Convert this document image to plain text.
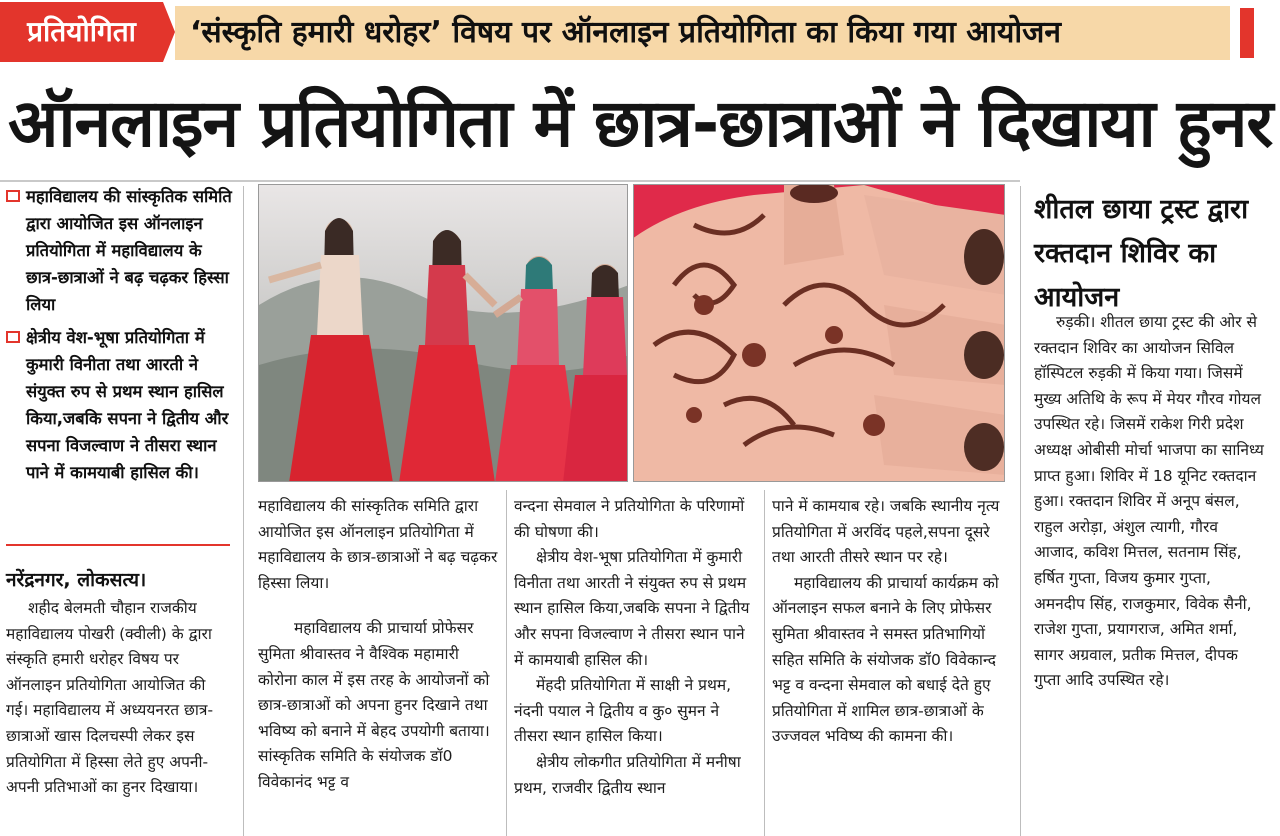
प्रतियोगिता	‘संस्कृति हमारी धरोहर’ विषय पर ऑनलाइन प्रतियोगिता का किया गया आयोजन
ऑनलाइन प्रतियोगिता में छात्र-छात्राओं ने दिखाया हुनर
महाविद्यालय की सांस्कृतिक समिति द्वारा आयोजित इस ऑनलाइन प्रतियोगिता में महाविद्यालय के छात्र-छात्राओं ने बढ़ चढ़कर हिस्सा लिया
क्षेत्रीय वेश-भूषा प्रतियोगिता में कुमारी विनीता तथा आरती ने संयुक्त रुप से प्रथम स्थान हासिल किया,जबकि सपना ने द्वितीय और सपना विजल्वाण ने तीसरा स्थान पाने में कामयाबी हासिल की।
नरेंद्रनगर, लोकसत्य।

शहीद बेलमती चौहान राजकीय महाविद्यालय पोखरी (क्वीली) के द्वारा संस्कृति हमारी धरोहर विषय पर ऑनलाइन प्रतियोगिता आयोजित की गई। महाविद्यालय में अध्ययनरत छात्र-छात्राओं खास दिलचस्पी लेकर इस प्रतियोगिता में हिस्सा लेते हुए अपनी-अपनी प्रतिभाओं का हुनर दिखाया।

महाविद्यालय की सांस्कृतिक समिति द्वारा आयोजित इस ऑनलाइन प्रतियोगिता में महाविद्यालय के छात्र-छात्राओं ने बढ़ चढ़कर हिस्सा लिया।

महाविद्यालय की प्राचार्या प्रोफेसर सुमिता श्रीवास्तव ने वैश्विक महामारी कोरोना काल में इस तरह के आयोजनों को छात्र-छात्राओं को अपना हुनर दिखाने तथा भविष्य को बनाने में बेहद उपयोगी बताया। सांस्कृतिक समिति के संयोजक डॉ0 विवेकानंद भट्ट व

वन्दना सेमवाल ने प्रतियोगिता के परिणामों की घोषणा की।

क्षेत्रीय वेश-भूषा प्रतियोगिता में कुमारी विनीता तथा आरती ने संयुक्त रुप से प्रथम स्थान हासिल किया,जबकि सपना ने द्वितीय और सपना विजल्वाण ने तीसरा स्थान पाने में कामयाबी हासिल की।

मेंहदी प्रतियोगिता में साक्षी ने प्रथम, नंदनी पयाल ने द्वितीय व कु० सुमन ने तीसरा स्थान हासिल किया।

क्षेत्रीय लोकगीत प्रतियोगिता में मनीषा प्रथम, राजवीर द्वितीय स्थान

पाने में कामयाब रहे। जबकि स्थानीय नृत्य प्रतियोगिता में अरविंद पहले,सपना दूसरे तथा आरती तीसरे स्थान पर रहे।

महाविद्यालय की प्राचार्या कार्यक्रम को ऑनलाइन सफल बनाने के लिए प्रोफेसर सुमिता श्रीवास्तव ने समस्त प्रतिभागियों सहित समिति के संयोजक डॉ0 विवेकान्द भट्ट व वन्दना सेमवाल को बधाई देते हुए प्रतियोगिता में शामिल छात्र-छात्राओं के उज्जवल भविष्य की कामना की।

शीतल छाया ट्रस्ट द्वारा रक्तदान शिविर का आयोजन

रुड़की। शीतल छाया ट्रस्ट की ओर से रक्तदान शिविर का आयोजन सिविल हॉस्पिटल रुड़की में किया गया। जिसमें मुख्य अतिथि के रूप में मेयर गौरव गोयल उपस्थित रहे। जिसमें राकेश गिरी प्रदेश अध्यक्ष ओबीसी मोर्चा भाजपा का सानिध्य प्राप्त हुआ। शिविर में 18 यूनिट रक्तदान हुआ। रक्तदान शिविर में अनूप बंसल, राहुल अरोड़ा, अंशुल त्यागी, गौरव आजाद, कविश मित्तल, सतनाम सिंह, हर्षित गुप्ता, विजय कुमार गुप्ता, अमनदीप सिंह, राजकुमार, विवेक सैनी, राजेश गुप्ता, प्रयागराज, अमित शर्मा, सागर अग्रवाल, प्रतीक मित्तल, दीपक गुप्ता आदि उपस्थित रहे।
